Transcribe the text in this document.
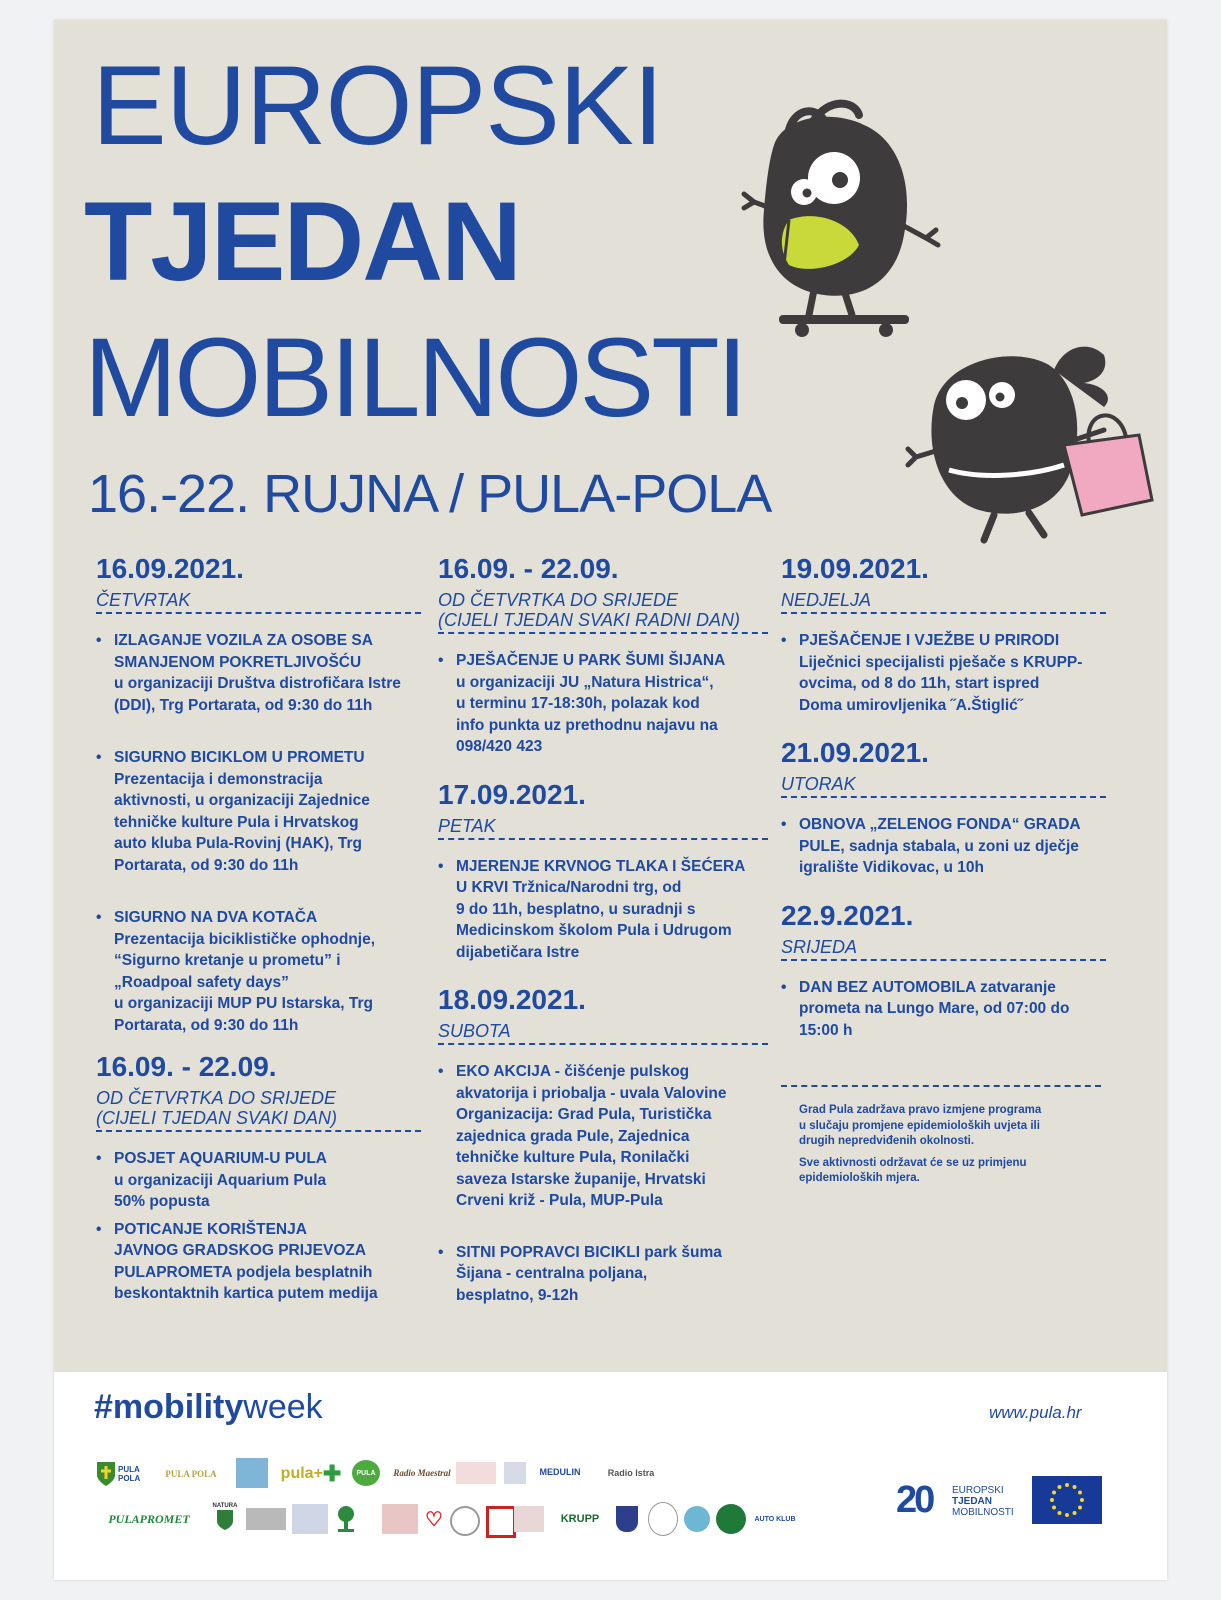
EUROPSKI
TJEDAN
MOBILNOSTI
16.-22. RUJNA / PULA-POLA
16.09.2021.
ČETVRTAK
• IZLAGANJE VOZILA ZA OSOBE SA
SMANJENOM POKRETLJIVOŠĆU
u organizaciji Društva distrofičara Istre
(DDI), Trg Portarata, od 9:30 do 11h
• SIGURNO BICIKLOM U PROMETU
Prezentacija i demonstracija
aktivnosti, u organizaciji Zajednice
tehničke kulture Pula i Hrvatskog
auto kluba Pula-Rovinj (HAK), Trg
Portarata, od 9:30 do 11h
• SIGURNO NA DVA KOTAČA
Prezentacija biciklističke ophodnje,
“Sigurno kretanje u prometu” i
„Roadpoal safety days”
u organizaciji MUP PU Istarska, Trg
Portarata, od 9:30 do 11h
16.09. - 22.09.
OD ČETVRTKA DO SRIJEDE
(CIJELI TJEDAN SVAKI DAN)
• POSJET AQUARIUM-U PULA
u organizaciji Aquarium Pula
50% popusta
• POTICANJE KORIŠTENJA
JAVNOG GRADSKOG PRIJEVOZA
PULAPROMETA podjela besplatnih
beskontaktnih kartica putem medija
16.09. - 22.09.
OD ČETVRTKA DO SRIJEDE
(CIJELI TJEDAN SVAKI RADNI DAN)
• PJEŠAČENJE U PARK ŠUMI ŠIJANA
u organizaciji JU „Natura Histrica“,
u terminu 17-18:30h, polazak kod
info punkta uz prethodnu najavu na
098/420 423
17.09.2021.
PETAK
• MJERENJE KRVNOG TLAKA I ŠEĆERA
U KRVI Tržnica/Narodni trg, od
9 do 11h, besplatno, u suradnji s
Medicinskom školom Pula i Udrugom
dijabetičara Istre
18.09.2021.
SUBOTA
• EKO AKCIJA - čišćenje pulskog
akvatorija i priobalja - uvala Valovine
Organizacija: Grad Pula, Turistička
zajednica grada Pule, Zajednica
tehničke kulture Pula, Ronilački
saveza Istarske županije, Hrvatski
Crveni križ - Pula, MUP-Pula
• SITNI POPRAVCI BICIKLI park šuma
Šijana - centralna poljana,
besplatno, 9-12h
19.09.2021.
NEDJELJA
• PJEŠAČENJE I VJEŽBE U PRIRODI
Liječnici specijalisti pješače s KRUPP-
ovcima, od 8 do 11h, start ispred
Doma umirovljenika ˝A.Štiglić˝
21.09.2021.
UTORAK
• OBNOVA „ZELENOG FONDA“ GRADA
PULE, sadnja stabala, u zoni uz dječje
igralište Vidikovac, u 10h
22.9.2021.
SRIJEDA
• DAN BEZ AUTOMOBILA zatvaranje
prometa na Lungo Mare, od 07:00 do
15:00 h
Grad Pula zadržava pravo izmjene programa
u slučaju promjene epidemioloških uvjeta ili
drugih nepredviđenih okolnosti.
Sve aktivnosti održavat će se uz primjenu
epidemioloških mjera.
#mobilityweek	www.pula.hr
PULA POLA	PULA POLA	pula+ ✚ PULA Radio Maestral	MEDULIN	Radio Istra
PULAPROMET
NATURA
♡	KRUPP	AUTO KLUB	20 EUROPSKI
TJEDAN
MOBILNOSTI
